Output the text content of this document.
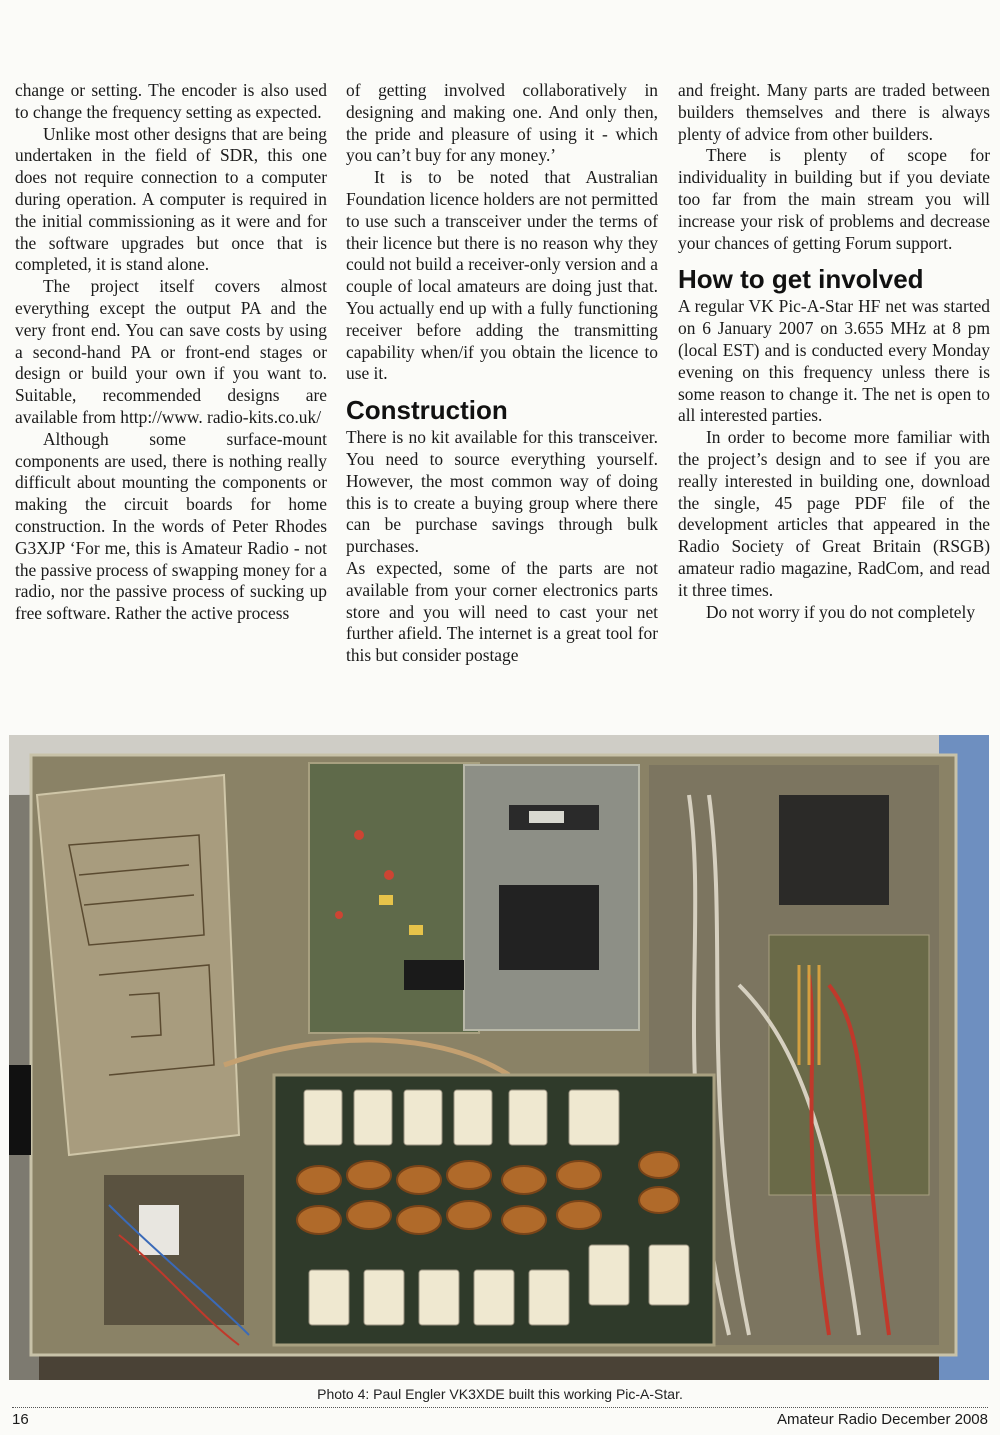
change or setting. The encoder is also used to change the frequency setting as expected.

Unlike most other designs that are being undertaken in the field of SDR, this one does not require connection to a computer during operation. A computer is required in the initial commissioning as it were and for the software upgrades but once that is completed, it is stand alone.

The project itself covers almost everything except the output PA and the very front end. You can save costs by using a second-hand PA or front-end stages or design or build your own if you want to. Suitable, recommended designs are available from http://www. radio-kits.co.uk/

Although some surface-mount components are used, there is nothing really difficult about mounting the components or making the circuit boards for home construction. In the words of Peter Rhodes G3XJP ‘For me, this is Amateur Radio - not the passive process of swapping money for a radio, nor the passive process of sucking up free software. Rather the active process

of getting involved collaboratively in designing and making one. And only then, the pride and pleasure of using it - which you can’t buy for any money.’

It is to be noted that Australian Foundation licence holders are not permitted to use such a transceiver under the terms of their licence but there is no reason why they could not build a receiver-only version and a couple of local amateurs are doing just that. You actually end up with a fully functioning receiver before adding the transmitting capability when/if you obtain the licence to use it.

Construction

There is no kit available for this transceiver. You need to source everything yourself. However, the most common way of doing this is to create a buying group where there can be purchase savings through bulk purchases.

As expected, some of the parts are not available from your corner electronics parts store and you will need to cast your net further afield. The internet is a great tool for this but consider postage

and freight. Many parts are traded between builders themselves and there is always plenty of advice from other builders.

There is plenty of scope for individuality in building but if you deviate too far from the main stream you will increase your risk of problems and decrease your chances of getting Forum support.

How to get involved

A regular VK Pic-A-Star HF net was started on 6 January 2007 on 3.655 MHz at 8 pm (local EST) and is conducted every Monday evening on this frequency unless there is some reason to change it. The net is open to all interested parties.

In order to become more familiar with the project’s design and to see if you are really interested in building one, download the single, 45 page PDF file of the development articles that appeared in the Radio Society of Great Britain (RSGB) amateur radio magazine, RadCom, and read it three times.

Do not worry if you do not completely

Photo 4: Paul Engler VK3XDE built this working Pic-A-Star.
16	Amateur Radio December 2008
